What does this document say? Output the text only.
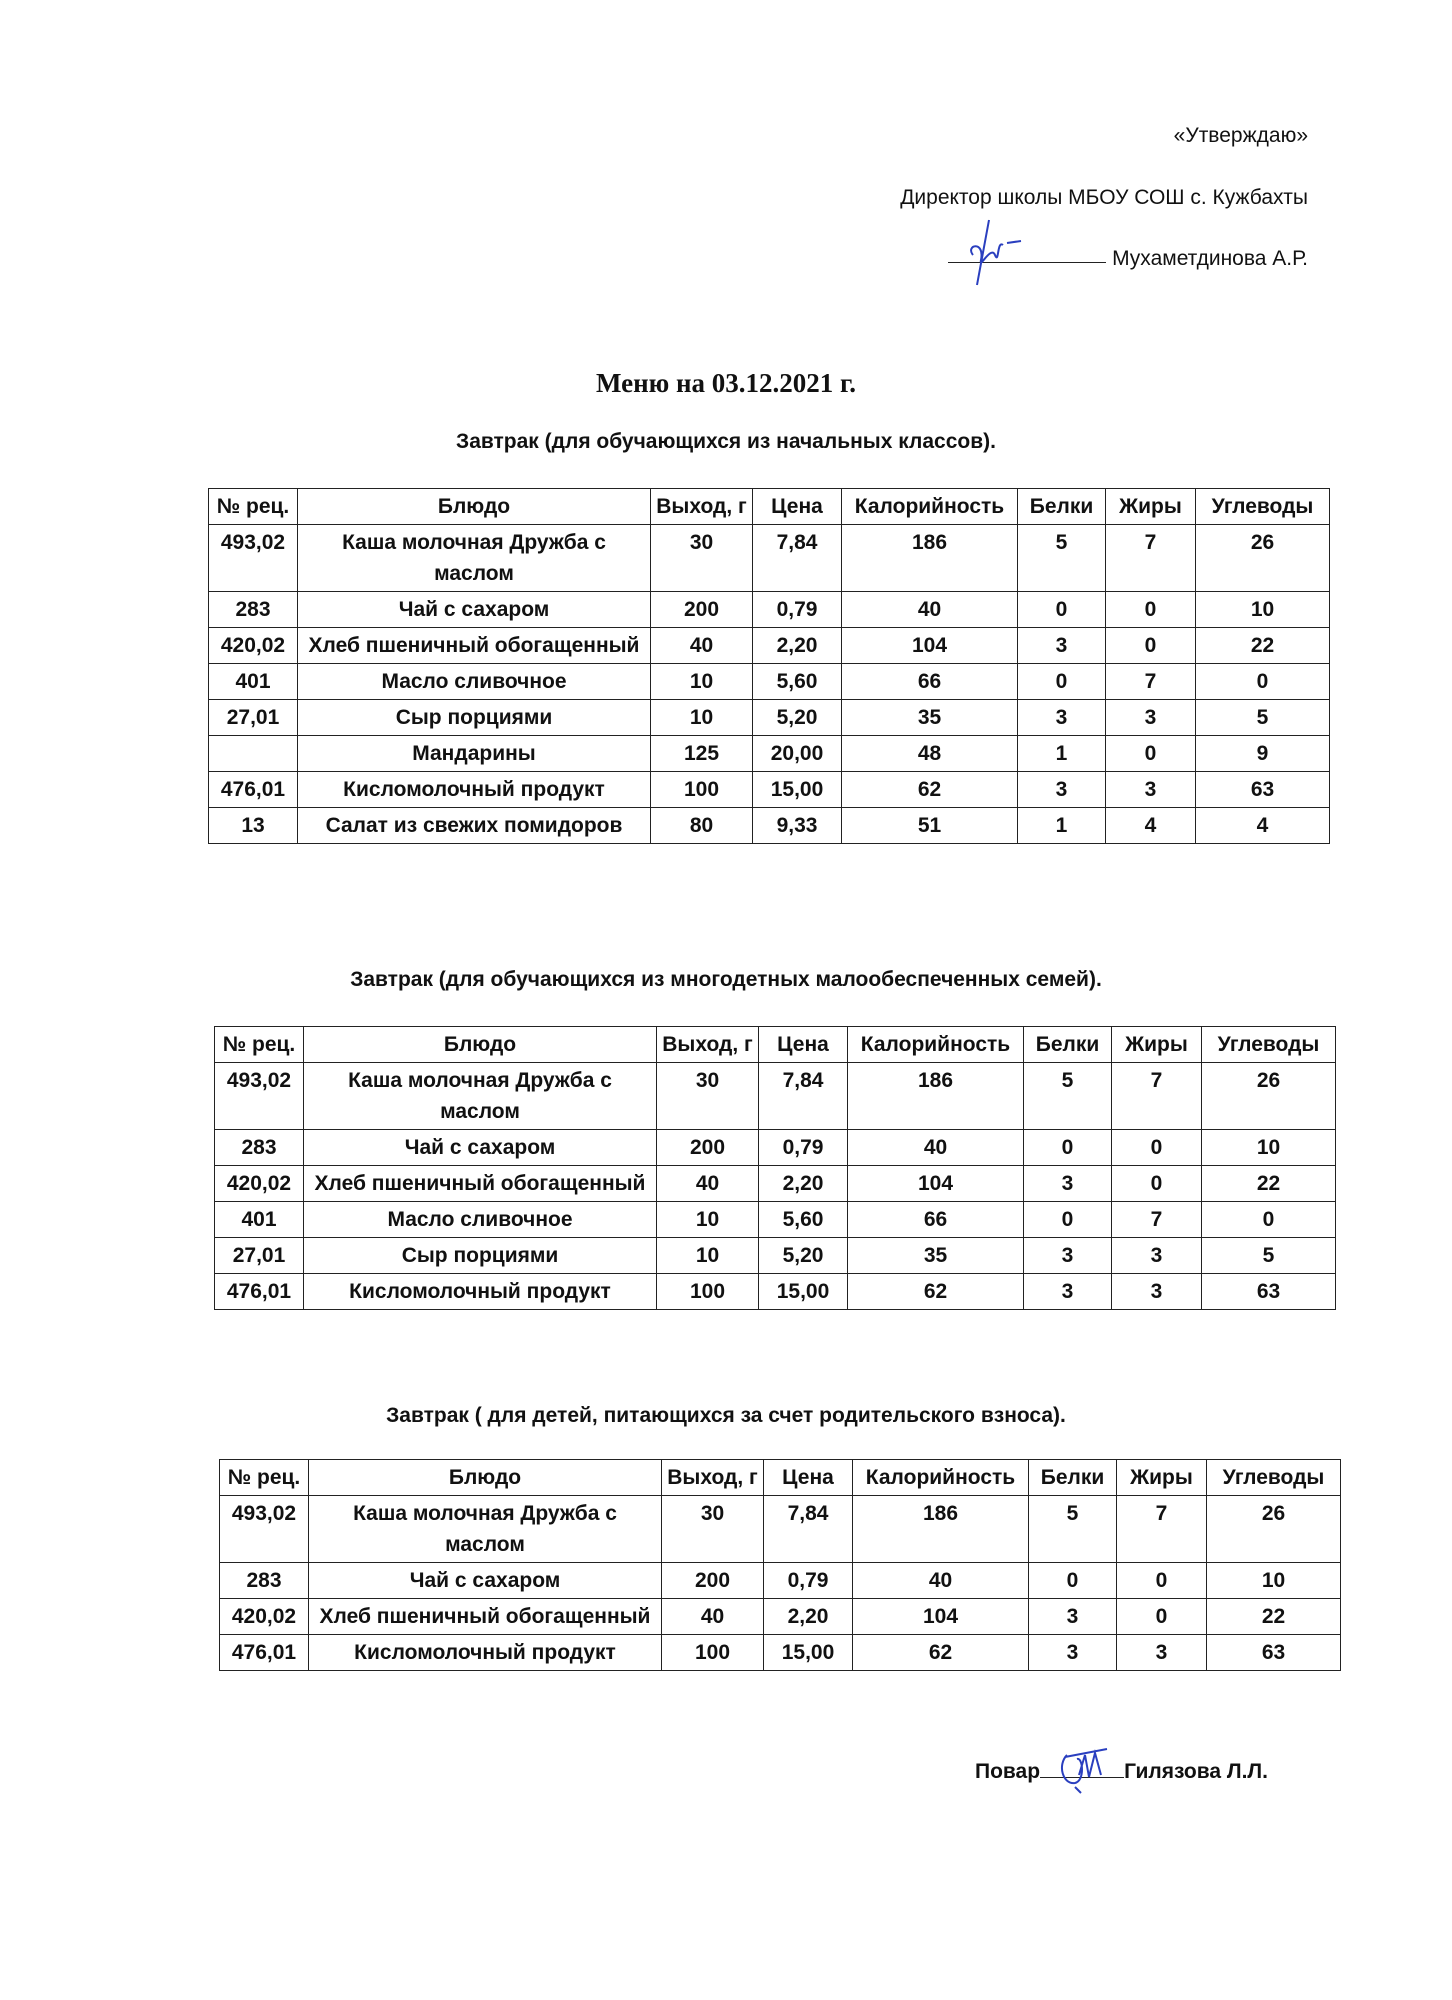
«Утверждаю»
Директор школы МБОУ СОШ с. Кужбахты
Мухаметдинова А.Р.
Меню на 03.12.2021 г.
Завтрак (для обучающихся из начальных классов).
№ рец.	Блюдо	Выход, г	Цена	Калорийность	Белки	Жиры	Углеводы
493,02	Каша молочная Дружба с маслом	30	7,84	186	5	7	26
283	Чай с сахаром	200	0,79	40	0	0	10
420,02	Хлеб пшеничный обогащенный	40	2,20	104	3	0	22
401	Масло сливочное	10	5,60	66	0	7	0
27,01	Сыр порциями	10	5,20	35	3	3	5
	Мандарины	125	20,00	48	1	0	9
476,01	Кисломолочный продукт	100	15,00	62	3	3	63
13	Салат из свежих помидоров	80	9,33	51	1	4	4
Завтрак (для обучающихся из многодетных малообеспеченных семей).
№ рец.	Блюдо	Выход, г	Цена	Калорийность	Белки	Жиры	Углеводы
493,02	Каша молочная Дружба с маслом	30	7,84	186	5	7	26
283	Чай с сахаром	200	0,79	40	0	0	10
420,02	Хлеб пшеничный обогащенный	40	2,20	104	3	0	22
401	Масло сливочное	10	5,60	66	0	7	0
27,01	Сыр порциями	10	5,20	35	3	3	5
476,01	Кисломолочный продукт	100	15,00	62	3	3	63
Завтрак ( для детей, питающихся за счет родительского взноса).
№ рец.	Блюдо	Выход, г	Цена	Калорийность	Белки	Жиры	Углеводы
493,02	Каша молочная Дружба с маслом	30	7,84	186	5	7	26
283	Чай с сахаром	200	0,79	40	0	0	10
420,02	Хлеб пшеничный обогащенный	40	2,20	104	3	0	22
476,01	Кисломолочный продукт	100	15,00	62	3	3	63
Повар	Гилязова Л.Л.
